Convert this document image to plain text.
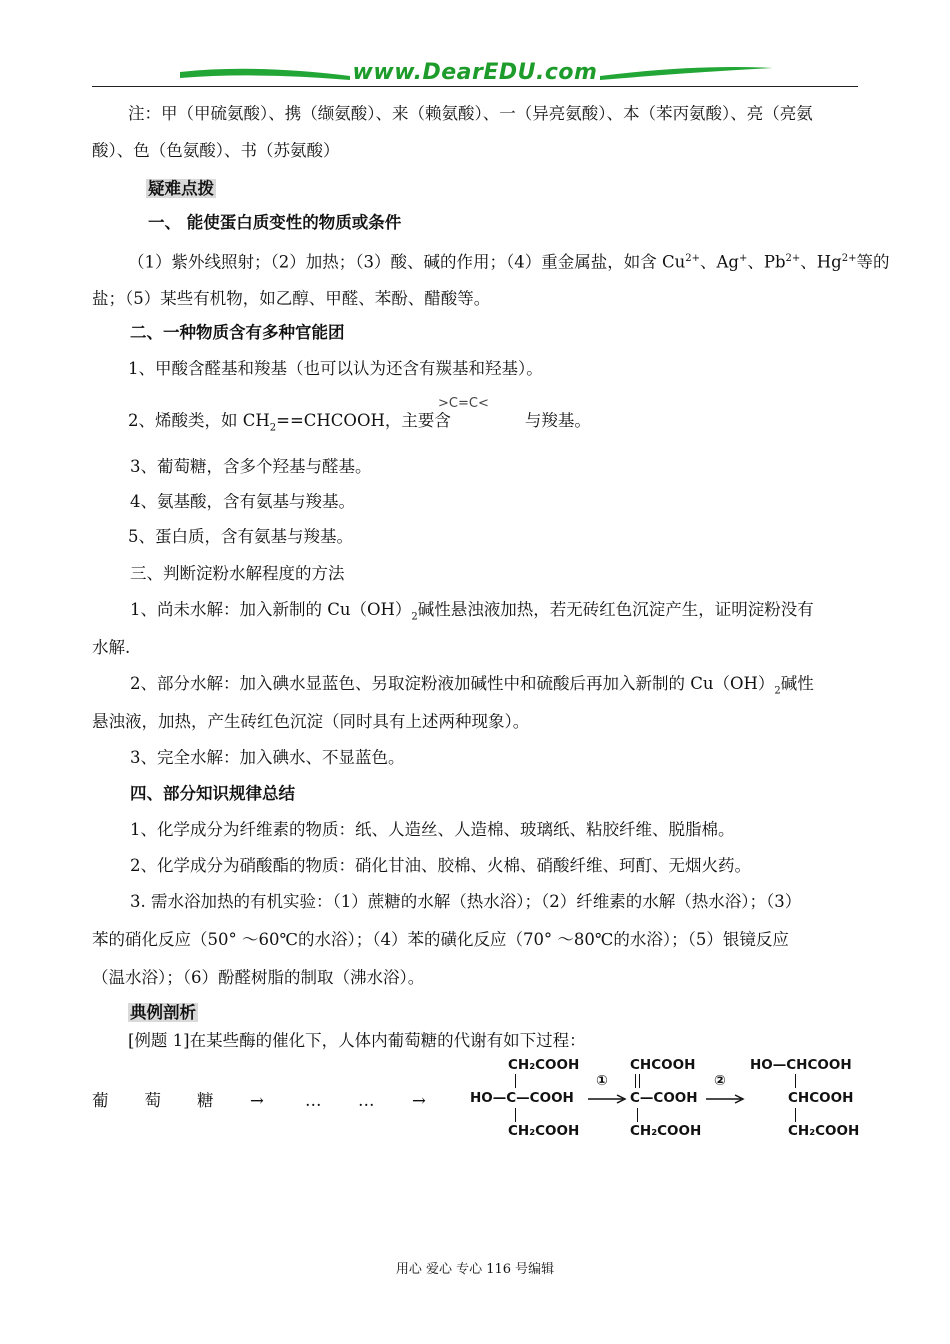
www.DearEDU.com
注：甲（甲硫氨酸）、携（缬氨酸）、来（赖氨酸）、一（异亮氨酸）、本（苯丙氨酸）、亮（亮氨
酸）、色（色氨酸）、书（苏氨酸）
疑难点拨
一、 能使蛋白质变性的物质或条件
（1）紫外线照射；（2）加热；（3）酸、碱的作用；（4）重金属盐，如含 $Cu^{2+}$、Ag+、$Pb^{2+}$、$Hg^{2+}$等的
盐；（5）某些有机物，如乙醇、甲醛、苯酚、醋酸等。
二、一种物质含有多种官能团
1、甲酸含醛基和羧基（也可以认为还含有羰基和羟基）。
2、烯酸类，如 $CH_2==CHCOOH$，主要含	与羧基。
>C=C<
3、葡萄糖，含多个羟基与醛基。
4、氨基酸，含有氨基与羧基。
5、蛋白质，含有氨基与羧基。
三、判断淀粉水解程度的方法
1、尚未水解：加入新制的 $Cu(OH)_2$碱性悬浊液加热，若无砖红色沉淀产生，证明淀粉没有
水解.
2、部分水解：加入碘水显蓝色、另取淀粉液加碱性中和硫酸后再加入新制的 $Cu(OH)_2$碱性
悬浊液，加热，产生砖红色沉淀（同时具有上述两种现象）。
3、完全水解：加入碘水、不显蓝色。
四、部分知识规律总结
1、化学成分为纤维素的物质：纸、人造丝、人造棉、玻璃纸、粘胶纤维、脱脂棉。
2、化学成分为硝酸酯的物质：硝化甘油、胶棉、火棉、硝酸纤维、珂酊、无烟火药。
3. 需水浴加热的有机实验：（1）蔗糖的水解（热水浴）；（2）纤维素的水解（热水浴）；（3）
苯的硝化反应（50° ～60℃的水浴）；（4）苯的磺化反应（70° ～80℃的水浴）；（5）银镜反应
（温水浴）；（6）酚醛树脂的制取（沸水浴）。
典例剖析
[例题 1]在某些酶的催化下，人体内葡萄糖的代谢有如下过程：
葡　　萄　　糖 → … … →
CH₂COOH
HO—C—COOH
CH₂COOH
①
CHCOOH
C—COOH
CH₂COOH
②
HO—CHCOOH
CHCOOH
CH₂COOH
用心 爱心 专心 116 号编辑
